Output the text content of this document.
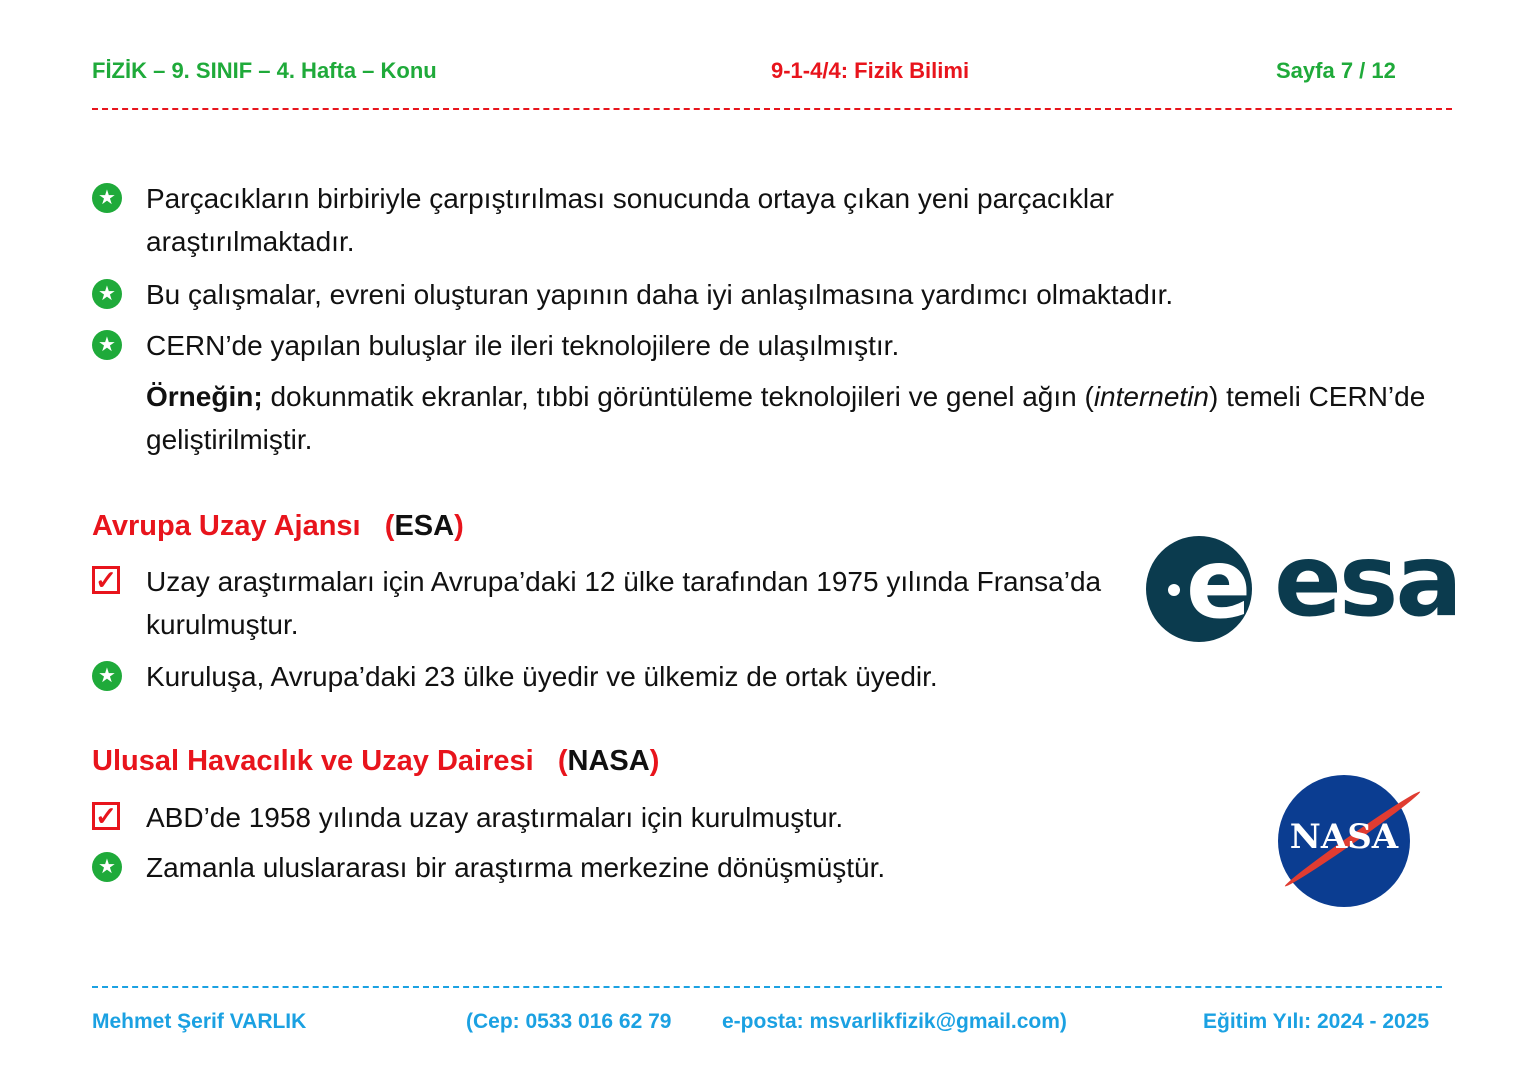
FİZİK – 9. SINIF – 4. Hafta – Konu	9-1-4/4: Fizik Bilimi	Sayfa 7 / 12
★ Parçacıkların birbiriyle çarpıştırılması sonucunda ortaya çıkan yeni parçacıklar araştırılmaktadır.
★ Bu çalışmalar, evreni oluşturan yapının daha iyi anlaşılmasına yardımcı olmaktadır.
★ CERN’de yapılan buluşlar ile ileri teknolojilere de ulaşılmıştır.
Örneğin; dokunmatik ekranlar, tıbbi görüntüleme teknolojileri ve genel ağın (internetin) temeli CERN’de geliştirilmiştir.
Avrupa Uzay Ajansı   (ESA)
✓ Uzay araştırmaları için Avrupa’daki 12 ülke tarafından 1975 yılında Fransa’da kurulmuştur.
★ Kuruluşa, Avrupa’daki 23 ülke üyedir ve ülkemiz de ortak üyedir.
e esa
Ulusal Havacılık ve Uzay Dairesi   (NASA)
✓ ABD’de 1958 yılında uzay araştırmaları için kurulmuştur.
★ Zamanla uluslararası bir araştırma merkezine dönüşmüştür.
NASA
Mehmet Şerif VARLIK	(Cep: 0533 016 62 79 e-posta: msvarlikfizik@gmail.com)	Eğitim Yılı: 2024 - 2025
